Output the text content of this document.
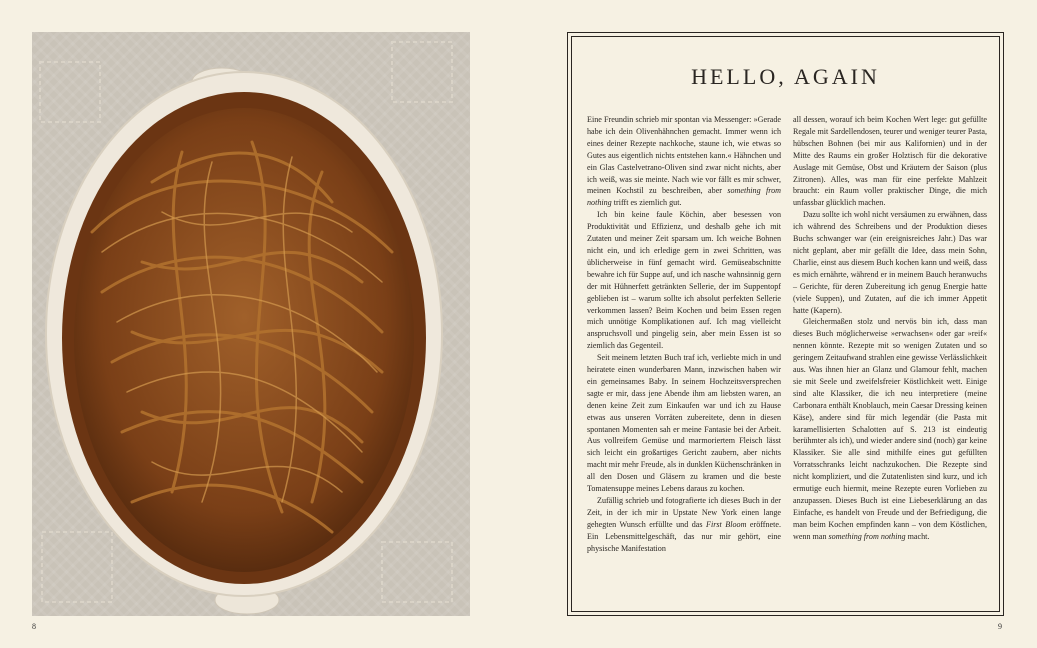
8	9
HELLO, AGAIN

Eine Freundin schrieb mir spontan via Messenger: »Gerade habe ich dein Olivenhähnchen gemacht. Immer wenn ich eines deiner Rezepte nachkoche, staune ich, wie etwas so Gutes aus eigentlich nichts entstehen kann.« Hähnchen und ein Glas Castelvetrano-Oliven sind zwar nicht nichts, aber ich weiß, was sie meinte. Nach wie vor fällt es mir schwer, meinen Kochstil zu beschreiben, aber something from nothing trifft es ziemlich gut.

Ich bin keine faule Köchin, aber besessen von Produktivität und Effizienz, und deshalb gehe ich mit Zutaten und meiner Zeit sparsam um. Ich weiche Bohnen nicht ein, und ich erledige gern in zwei Schritten, was üblicherweise in fünf gemacht wird. Gemüseabschnitte bewahre ich für Suppe auf, und ich nasche wahnsinnig gern der mit Hühnerfett getränkten Sellerie, der im Suppentopf geblieben ist – warum sollte ich absolut perfekten Sellerie verkommen lassen? Beim Kochen und beim Essen regen mich unnötige Komplikationen auf. Ich mag vielleicht anspruchsvoll und pingelig sein, aber mein Essen ist so ziemlich das Gegenteil.

Seit meinem letzten Buch traf ich, verliebte mich in und heiratete einen wunderbaren Mann, inzwischen haben wir ein gemeinsames Baby. In seinem Hochzeitsversprechen sagte er mir, dass jene Abende ihm am liebsten waren, an denen keine Zeit zum Einkaufen war und ich zu Hause etwas aus unseren Vorräten zubereitete, denn in diesen spontanen Momenten sah er meine Fantasie bei der Arbeit. Aus vollreifem Gemüse und marmoriertem Fleisch lässt sich leicht ein großartiges Gericht zaubern, aber nichts macht mir mehr Freude, als in dunklen Küchenschränken in all den Dosen und Gläsern zu kramen und die beste Tomatensuppe meines Lebens daraus zu kochen.

Zufällig schrieb und fotografierte ich dieses Buch in der Zeit, in der ich mir in Upstate New York einen lange gehegten Wunsch erfüllte und das First Bloom eröffnete. Ein Lebensmittelgeschäft, das nur mir gehört, eine physische Manifestation

all dessen, worauf ich beim Kochen Wert lege: gut gefüllte Regale mit Sardellendosen, teurer und weniger teurer Pasta, hübschen Bohnen (bei mir aus Kalifornien) und in der Mitte des Raums ein großer Holztisch für die dekorative Auslage mit Gemüse, Obst und Kräutern der Saison (plus Zitronen). Alles, was man für eine perfekte Mahlzeit braucht: ein Raum voller praktischer Dinge, die mich unfassbar glücklich machen.

Dazu sollte ich wohl nicht versäumen zu erwähnen, dass ich während des Schreibens und der Produktion dieses Buchs schwanger war (ein ereignisreiches Jahr.) Das war nicht geplant, aber mir gefällt die Idee, dass mein Sohn, Charlie, einst aus diesem Buch kochen kann und weiß, dass es mich ernährte, während er in meinem Bauch heranwuchs – Gerichte, für deren Zubereitung ich genug Energie hatte (viele Suppen), und Zutaten, auf die ich immer Appetit hatte (Kapern).

Gleichermaßen stolz und nervös bin ich, dass man dieses Buch möglicherweise »erwachsen« oder gar »reif« nennen könnte. Rezepte mit so wenigen Zutaten und so geringem Zeitaufwand strahlen eine gewisse Verlässlichkeit aus. Was ihnen hier an Glanz und Glamour fehlt, machen sie mit Seele und zweifelsfreier Köstlichkeit wett. Einige sind alte Klassiker, die ich neu interpretiere (meine Carbonara enthält Knoblauch, mein Caesar Dressing keinen Käse), andere sind für mich legendär (die Pasta mit karamellisierten Schalotten auf S. 213 ist eindeutig berühmter als ich), und wieder andere sind (noch) gar keine Klassiker. Sie alle sind mithilfe eines gut gefüllten Vorratsschranks leicht nachzukochen. Die Rezepte sind nicht kompliziert, und die Zutatenlisten sind kurz, und ich ermutige euch hiermit, meine Rezepte euren Vorlieben zu anzupassen. Dieses Buch ist eine Liebeserklärung an das Einfache, es handelt von Freude und der Befriedigung, die man beim Kochen empfinden kann – von dem Köstlichen, wenn man something from nothing macht.
